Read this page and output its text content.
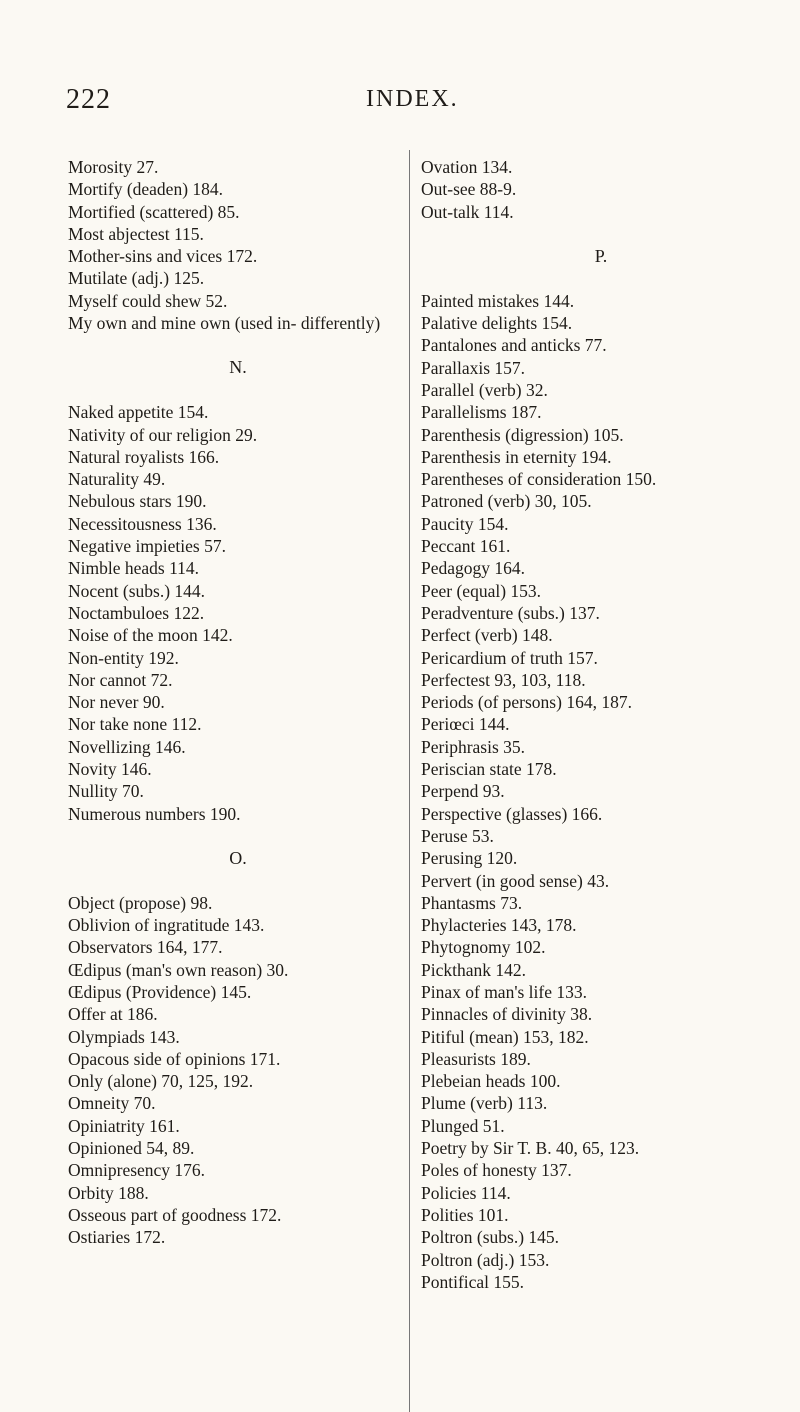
222	INDEX.

Morosity 27.

Mortify (deaden) 184.

Mortified (scattered) 85.

Most abjectest 115.

Mother-sins and vices 172.

Mutilate (adj.) 125.

Myself could shew 52.

My own and mine own (used in- differently)

N.

Naked appetite 154.

Nativity of our religion 29.

Natural royalists 166.

Naturality 49.

Nebulous stars 190.

Necessitousness 136.

Negative impieties 57.

Nimble heads 114.

Nocent (subs.) 144.

Noctambuloes 122.

Noise of the moon 142.

Non-entity 192.

Nor cannot 72.

Nor never 90.

Nor take none 112.

Novellizing 146.

Novity 146.

Nullity 70.

Numerous numbers 190.

O.

Object (propose) 98.

Oblivion of ingratitude 143.

Observators 164, 177.

Œdipus (man's own reason) 30.

Œdipus (Providence) 145.

Offer at 186.

Olympiads 143.

Opacous side of opinions 171.

Only (alone) 70, 125, 192.

Omneity 70.

Opiniatrity 161.

Opinioned 54, 89.

Omnipresency 176.

Orbity 188.

Osseous part of goodness 172.

Ostiaries 172.

Ovation 134.

Out-see 88-9.

Out-talk 114.

P.

Painted mistakes 144.

Palative delights 154.

Pantalones and anticks 77.

Parallaxis 157.

Parallel (verb) 32.

Parallelisms 187.

Parenthesis (digression) 105.

Parenthesis in eternity 194.

Parentheses of consideration 150.

Patroned (verb) 30, 105.

Paucity 154.

Peccant 161.

Pedagogy 164.

Peer (equal) 153.

Peradventure (subs.) 137.

Perfect (verb) 148.

Pericardium of truth 157.

Perfectest 93, 103, 118.

Periods (of persons) 164, 187.

Periœci 144.

Periphrasis 35.

Periscian state 178.

Perpend 93.

Perspective (glasses) 166.

Peruse 53.

Perusing 120.

Pervert (in good sense) 43.

Phantasms 73.

Phylacteries 143, 178.

Phytognomy 102.

Pickthank 142.

Pinax of man's life 133.

Pinnacles of divinity 38.

Pitiful (mean) 153, 182.

Pleasurists 189.

Plebeian heads 100.

Plume (verb) 113.

Plunged 51.

Poetry by Sir T. B. 40, 65, 123.

Poles of honesty 137.

Policies 114.

Polities 101.

Poltron (subs.) 145.

Poltron (adj.) 153.

Pontifical 155.
